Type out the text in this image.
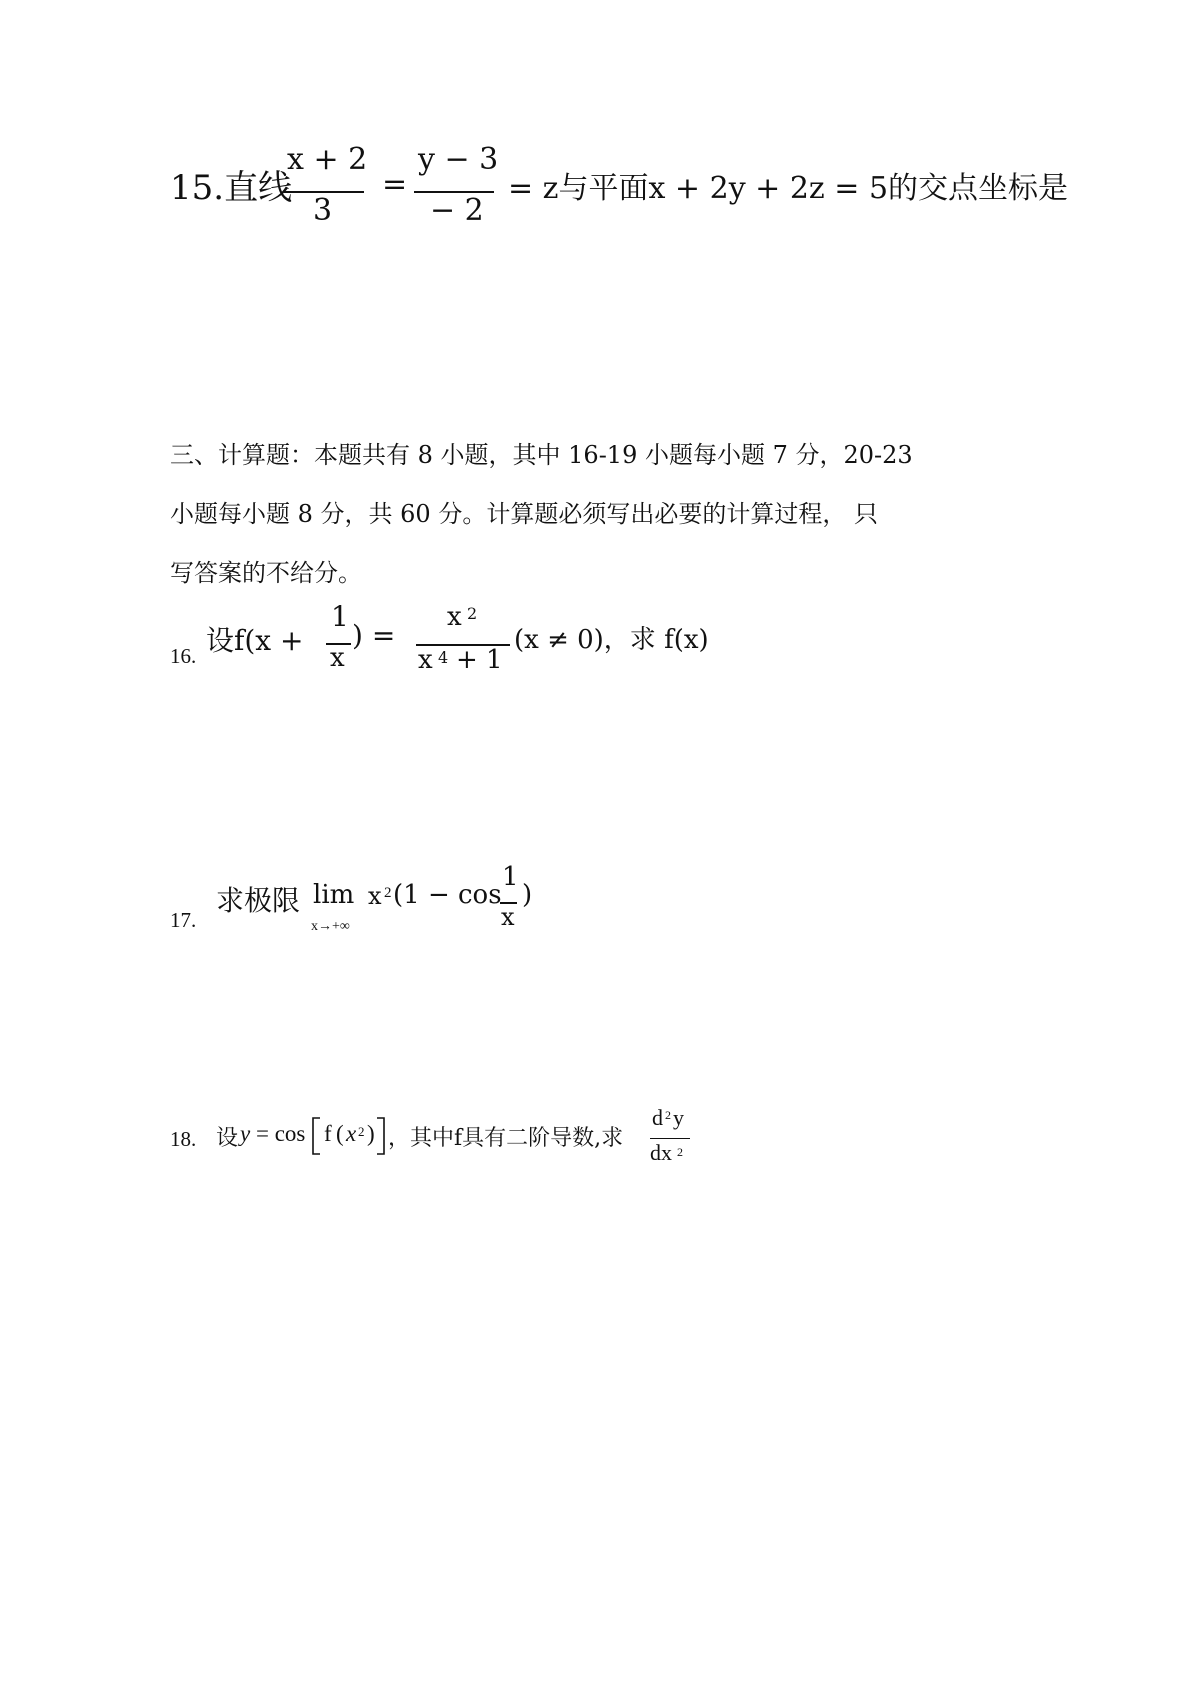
15.直线
x + 2
3
=
y − 3
− 2
= z与平面x + 2y + 2z = 5的交点坐标是
三、计算题：本题共有 8 小题，其中 16-19 小题每小题 7 分，20-23
小题每小题 8 分，共 60 分。计算题必须写出必要的计算过程， 只
写答案的不给分。
16. 设f(x +
1
x
) =
x 2
x 4 + 1
(x ≠ 0)，求 f(x)
17.
求极限 lim
x→+∞
x 2 (1 − cos
1
x
)
18. 设 y = cos f ( x 2 ) ，其中f具有二阶导数,求
d 2 y
dx 2
